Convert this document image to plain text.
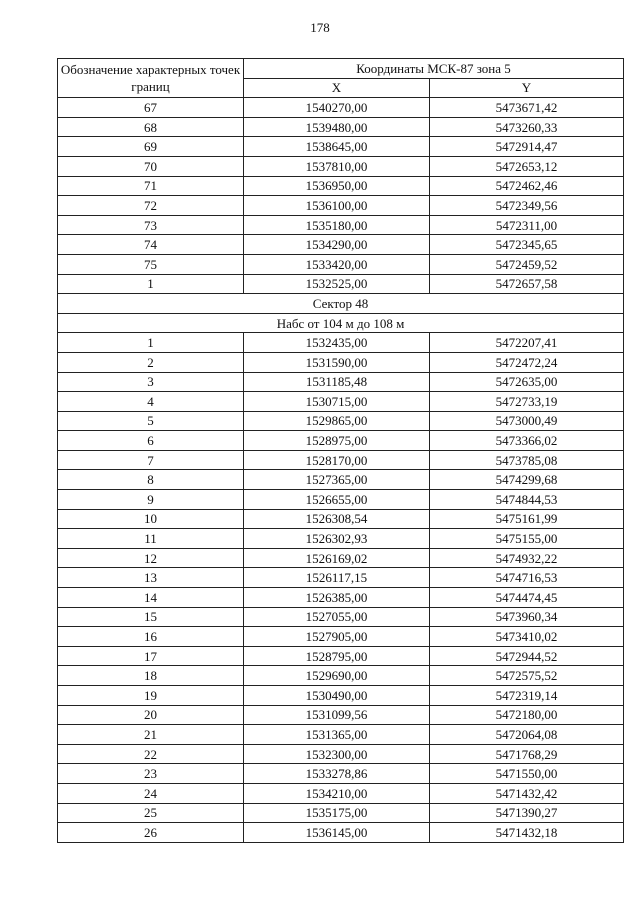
178
Обозначение характерных точек границ	Координаты МСК-87 зона 5	
	X	Y
67	1540270,00	5473671,42
68	1539480,00	5473260,33
69	1538645,00	5472914,47
70	1537810,00	5472653,12
71	1536950,00	5472462,46
72	1536100,00	5472349,56
73	1535180,00	5472311,00
74	1534290,00	5472345,65
75	1533420,00	5472459,52
1	1532525,00	5472657,58
Сектор 48		
Набс от 104 м до 108 м		
1	1532435,00	5472207,41
2	1531590,00	5472472,24
3	1531185,48	5472635,00
4	1530715,00	5472733,19
5	1529865,00	5473000,49
6	1528975,00	5473366,02
7	1528170,00	5473785,08
8	1527365,00	5474299,68
9	1526655,00	5474844,53
10	1526308,54	5475161,99
11	1526302,93	5475155,00
12	1526169,02	5474932,22
13	1526117,15	5474716,53
14	1526385,00	5474474,45
15	1527055,00	5473960,34
16	1527905,00	5473410,02
17	1528795,00	5472944,52
18	1529690,00	5472575,52
19	1530490,00	5472319,14
20	1531099,56	5472180,00
21	1531365,00	5472064,08
22	1532300,00	5471768,29
23	1533278,86	5471550,00
24	1534210,00	5471432,42
25	1535175,00	5471390,27
26	1536145,00	5471432,18
